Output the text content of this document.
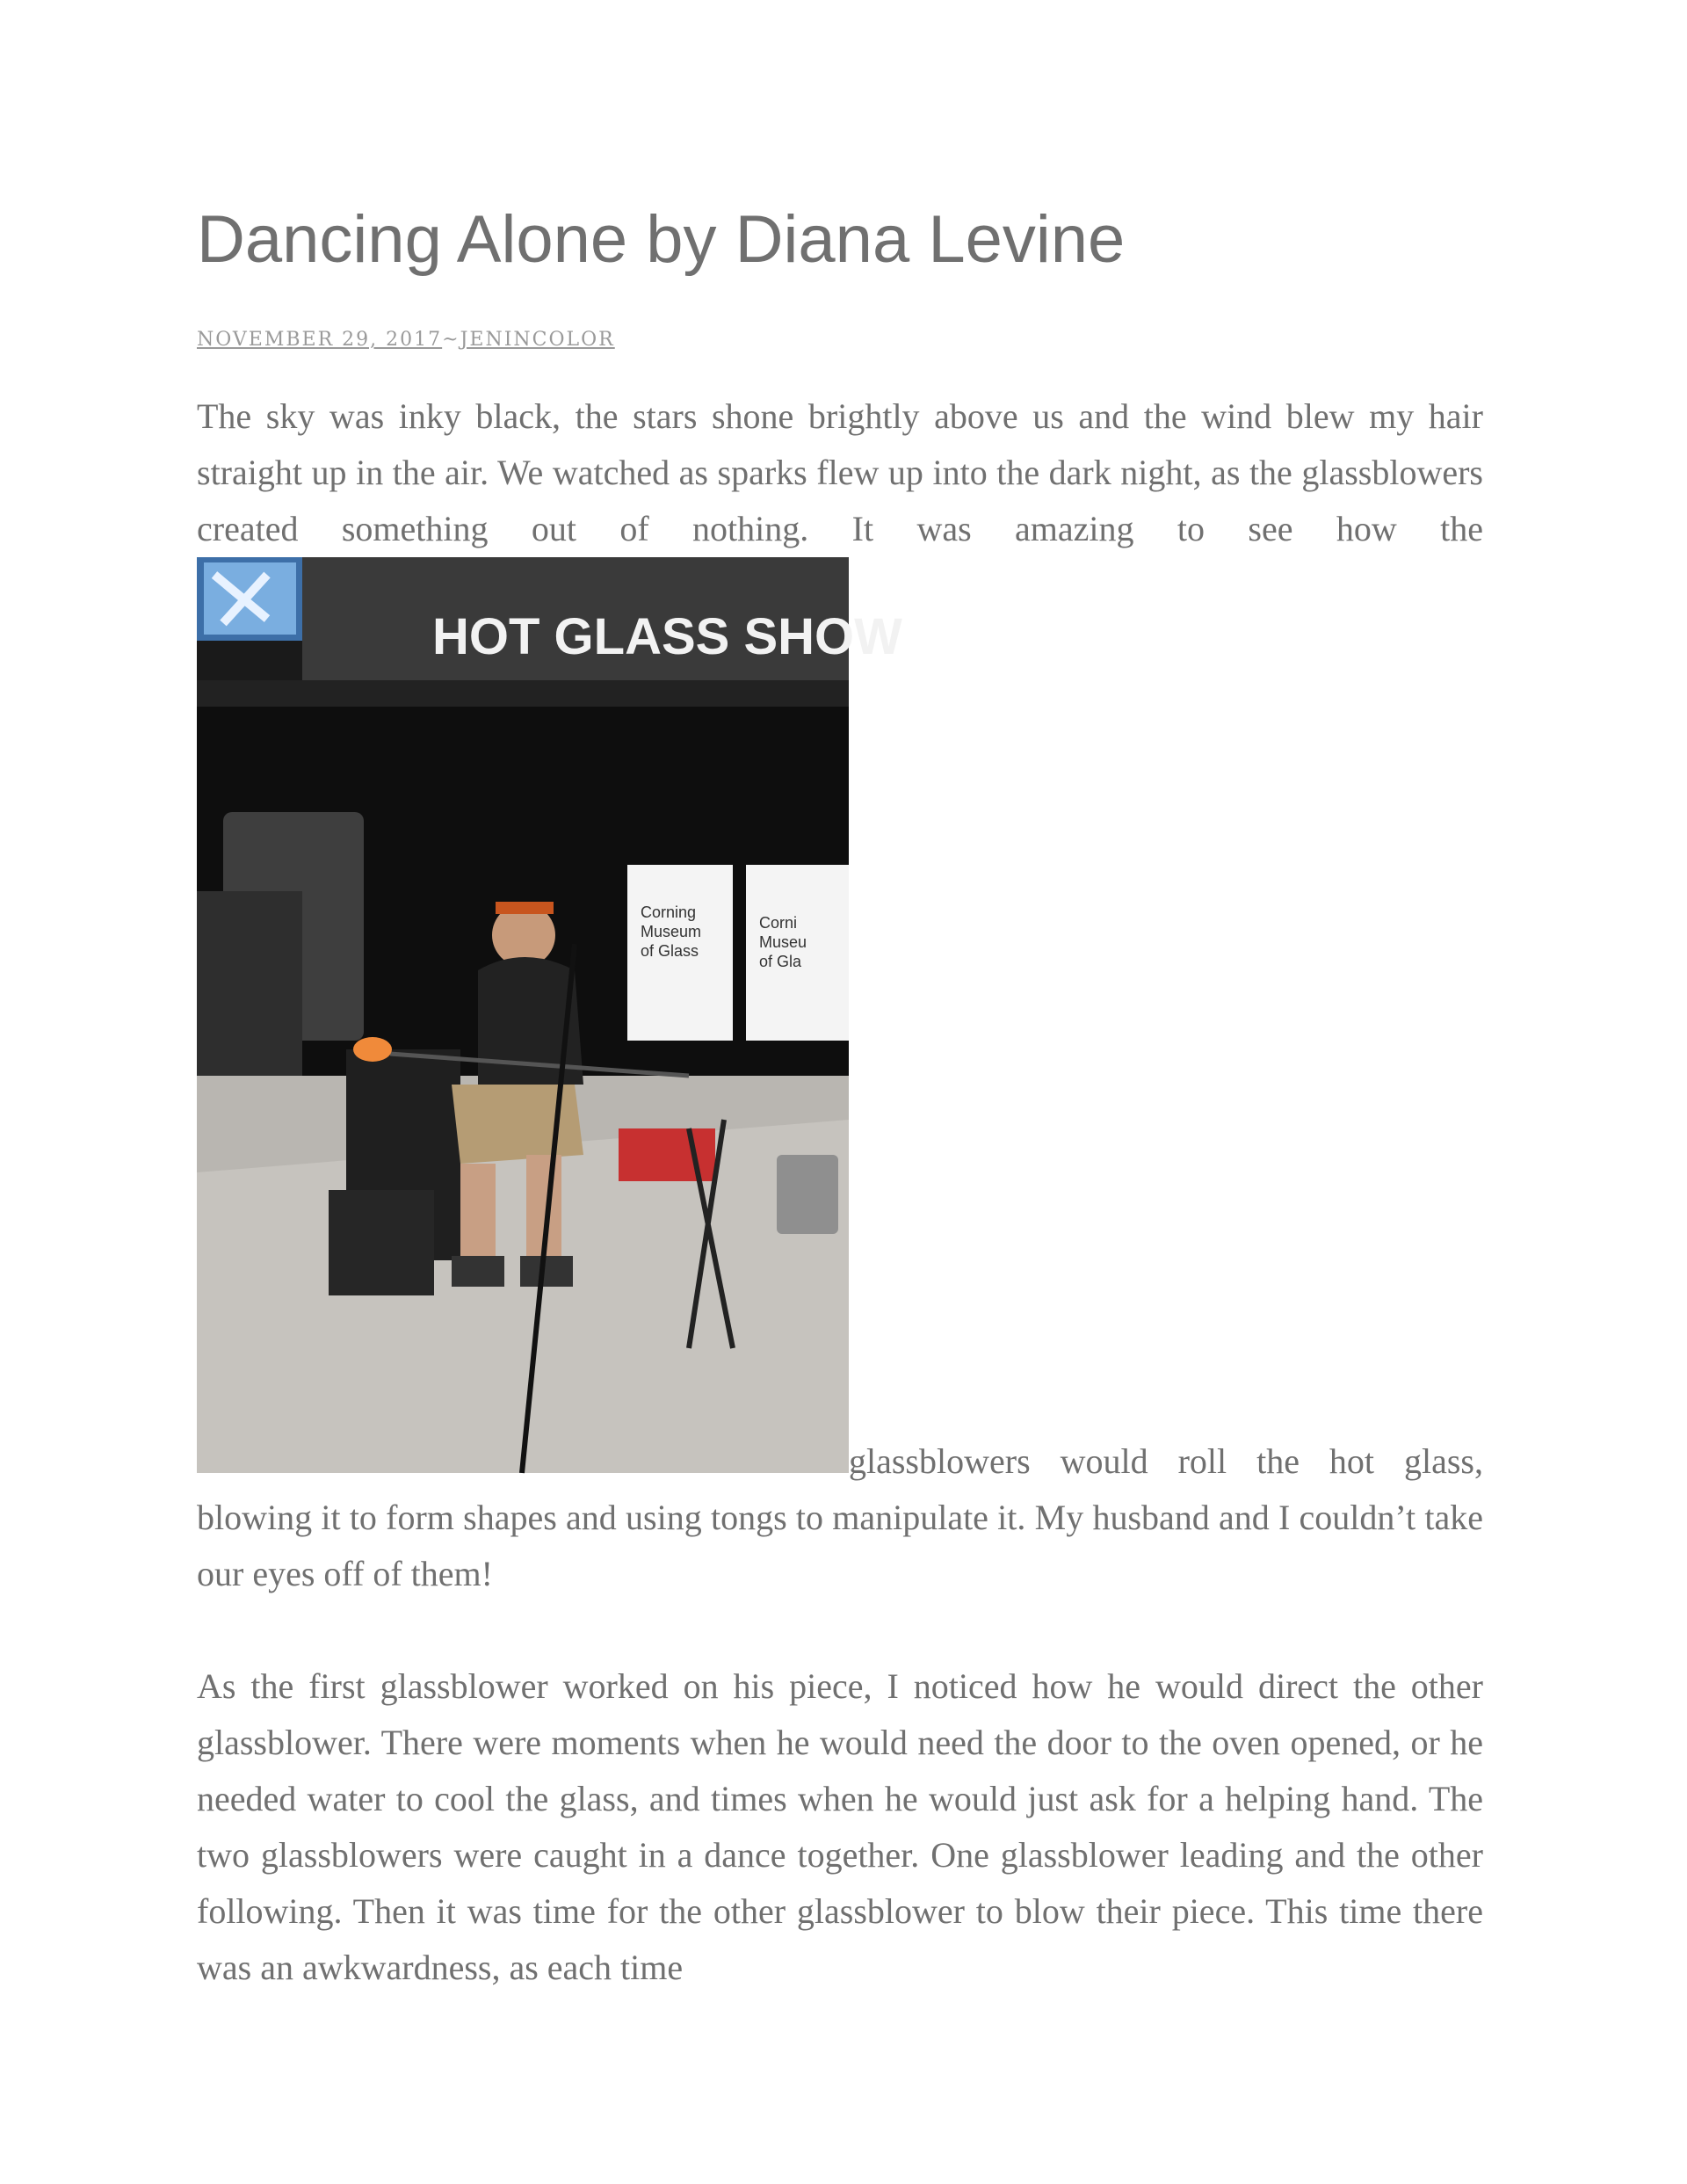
Dancing Alone by Diana Levine
NOVEMBER 29, 2017~JENINCOLOR

The sky was inky black, the stars shone brightly above us and the wind blew my hair straight up in the air. We watched as sparks flew up into the dark night, as the glassblowers created something out of nothing. It was amazing to see how the
HOT GLASS SHOW
Corning
Museum
of Glass
Corni
Museu
of Gla
glassblowers would roll the hot glass, blowing it to form shapes and using tongs to manipulate it. My husband and I couldn’t take our eyes off of them!

As the first glassblower worked on his piece, I noticed how he would direct the other glassblower. There were moments when he would need the door to the oven opened, or he needed water to cool the glass, and times when he would just ask for a helping hand. The two glassblowers were caught in a dance together. One glassblower leading and the other following. Then it was time for the other glassblower to blow their piece. This time there was an awkwardness, as each time
